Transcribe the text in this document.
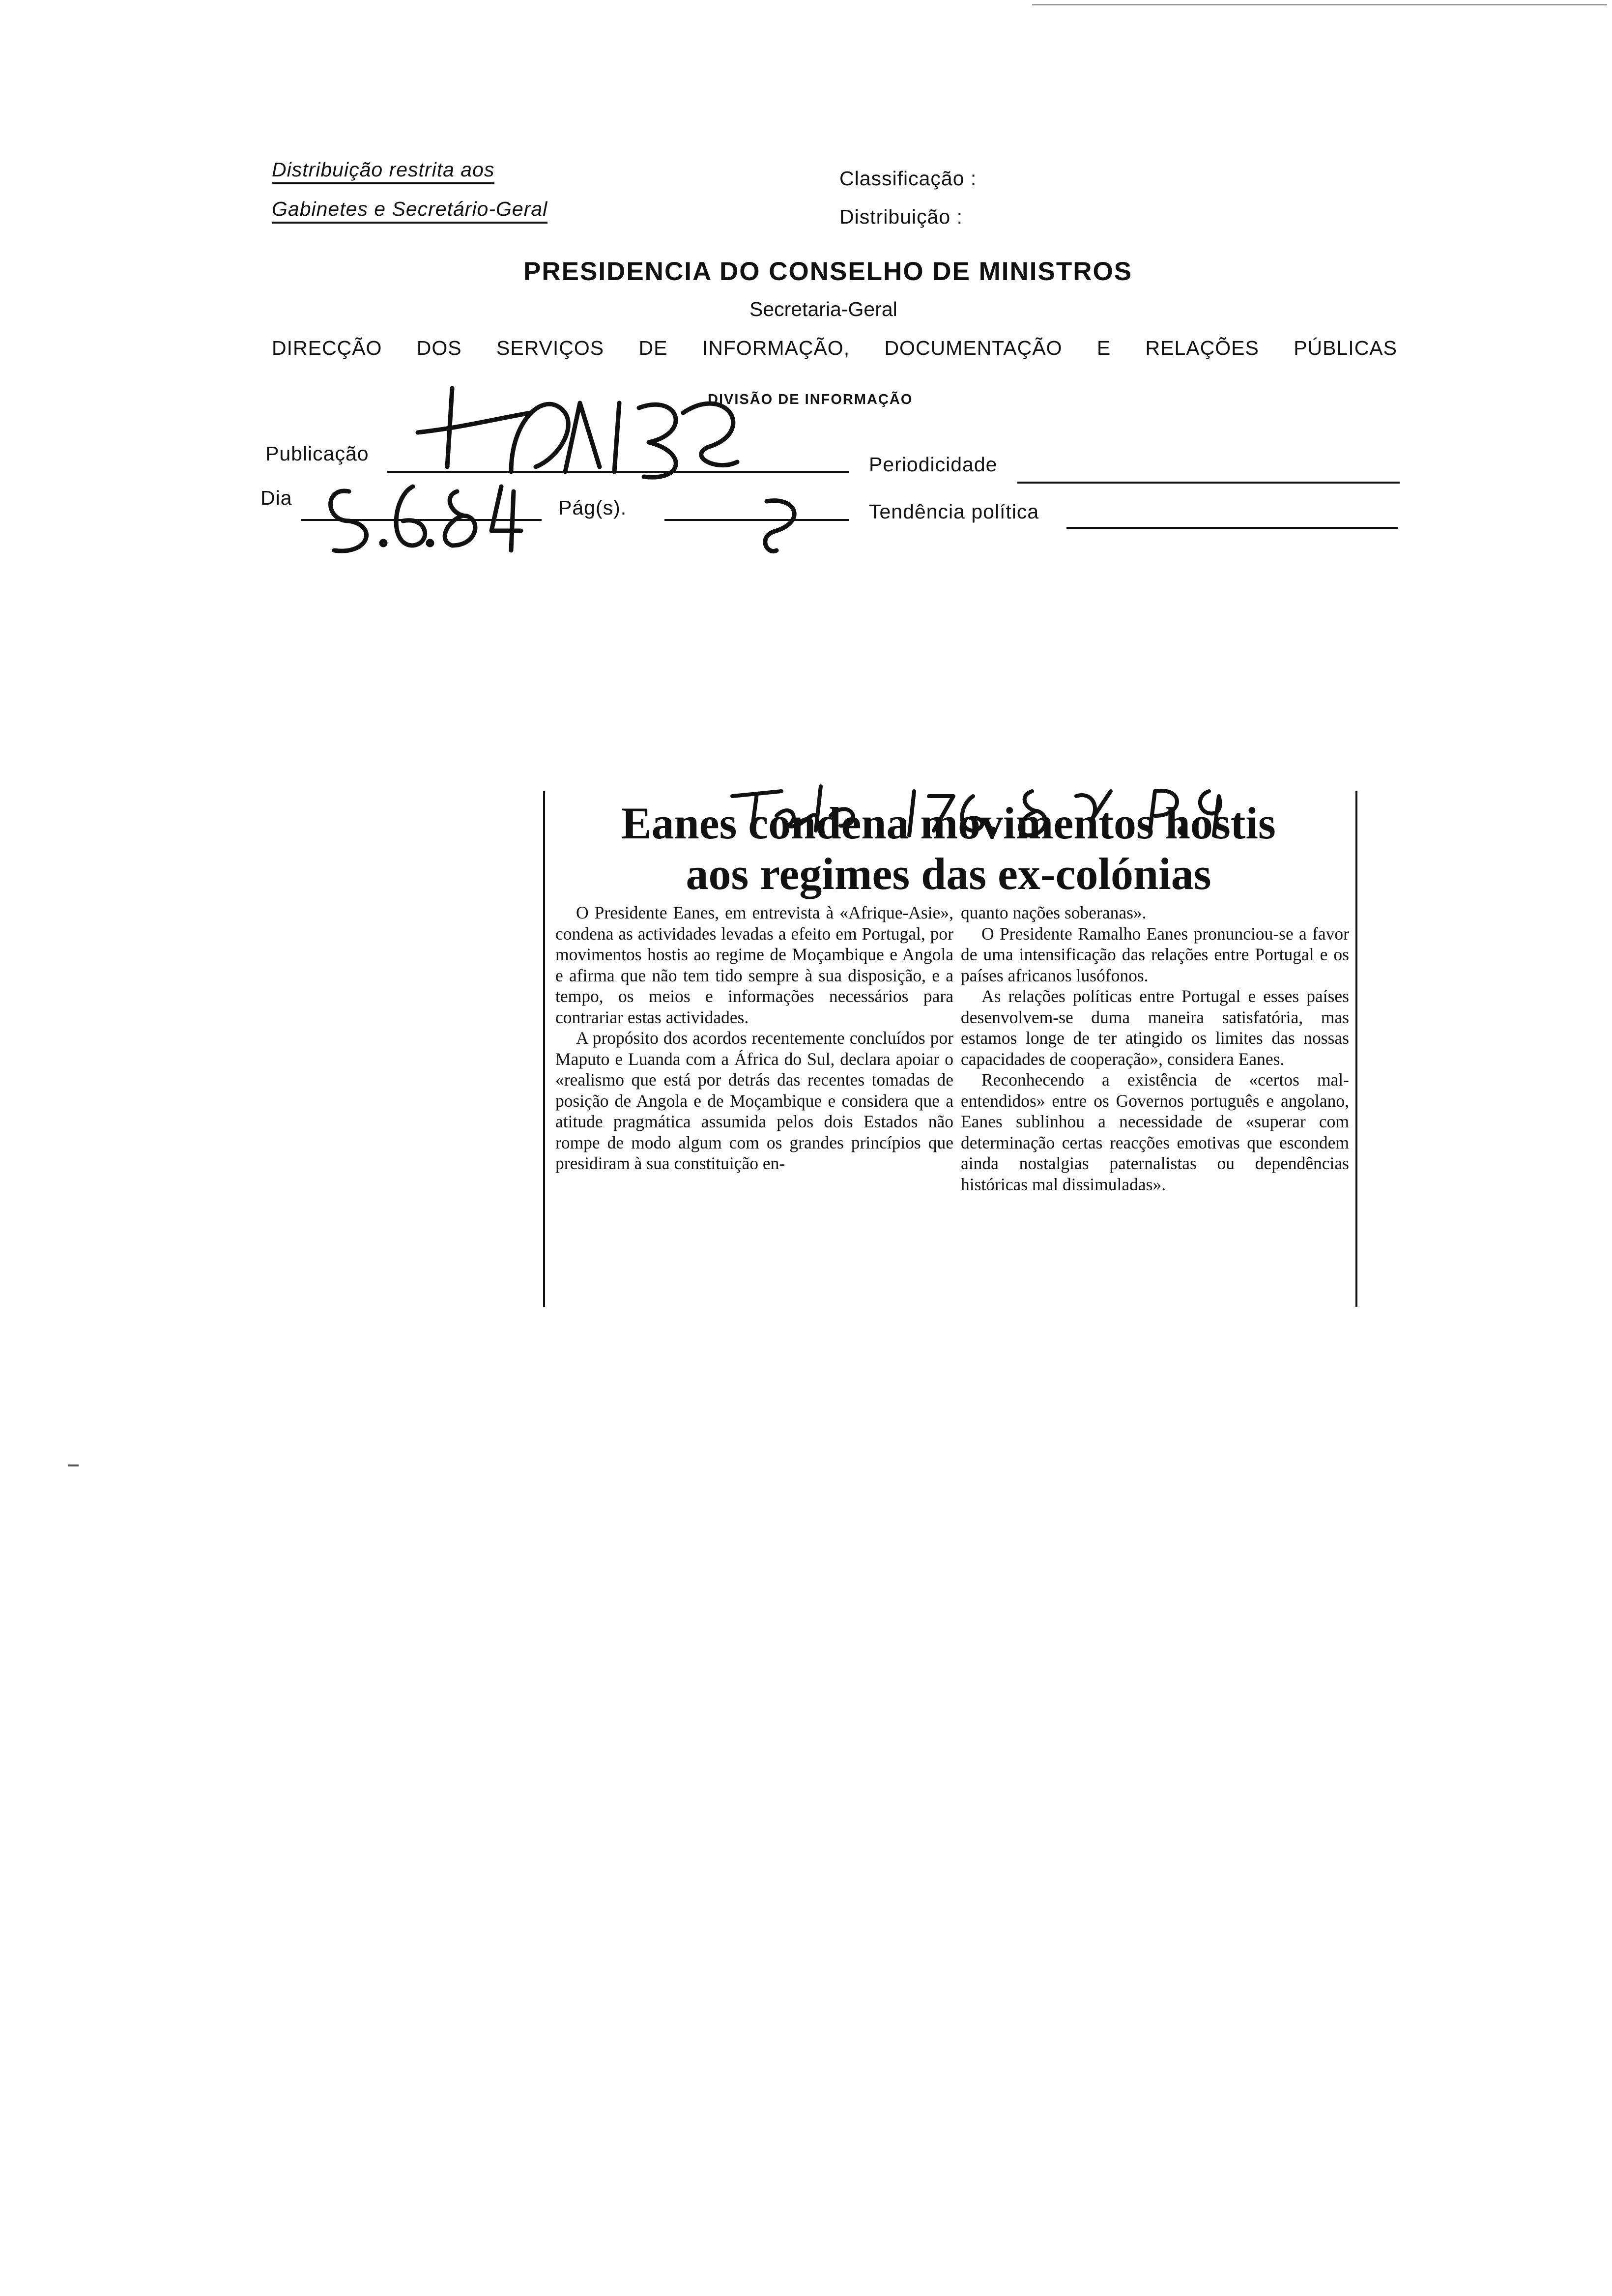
Distribuição restrita aos
Gabinetes e Secretário-Geral
Classificação :
Distribuição :
PRESIDENCIA DO CONSELHO DE MINISTROS
Secretaria-Geral
DIRECÇÃO DOS SERVIÇOS DE INFORMAÇÃO, DOCUMENTAÇÃO E RELAÇÕES PÚBLICAS
DIVISÃO DE INFORMAÇÃO
Publicação
Dia	Pág(s).
Periodicidade
Tendência política
Eanes condena movimentos hostis
aos regimes das ex-colónias

O Presidente Eanes, em entrevista à «Afrique-Asie», condena as actividades levadas a efeito em Portugal, por movimentos hostis ao regime de Moçambique e Angola e afirma que não tem tido sempre à sua disposição, e a tempo, os meios e informações necessários para contrariar estas actividades.

A propósito dos acordos recentemente concluídos por Maputo e Luanda com a África do Sul, declara apoiar o «realismo que está por detrás das recentes tomadas de posição de Angola e de Moçambique e considera que a atitude pragmática assumida pelos dois Estados não rompe de modo algum com os grandes princípios que presidiram à sua constituição en-

quanto nações soberanas».

O Presidente Ramalho Eanes pronunciou-se a favor de uma intensificação das relações entre Portugal e os países africanos lusófonos.

As relações políticas entre Portugal e esses países desenvolvem-se duma maneira satisfatória, mas estamos longe de ter atingido os limites das nossas capacidades de cooperação», considera Eanes.

Reconhecendo a existência de «certos mal-entendidos» entre os Governos português e angolano, Eanes sublinhou a necessidade de «superar com determinação certas reacções emotivas que escondem ainda nostalgias paternalistas ou dependências históricas mal dissimuladas».
